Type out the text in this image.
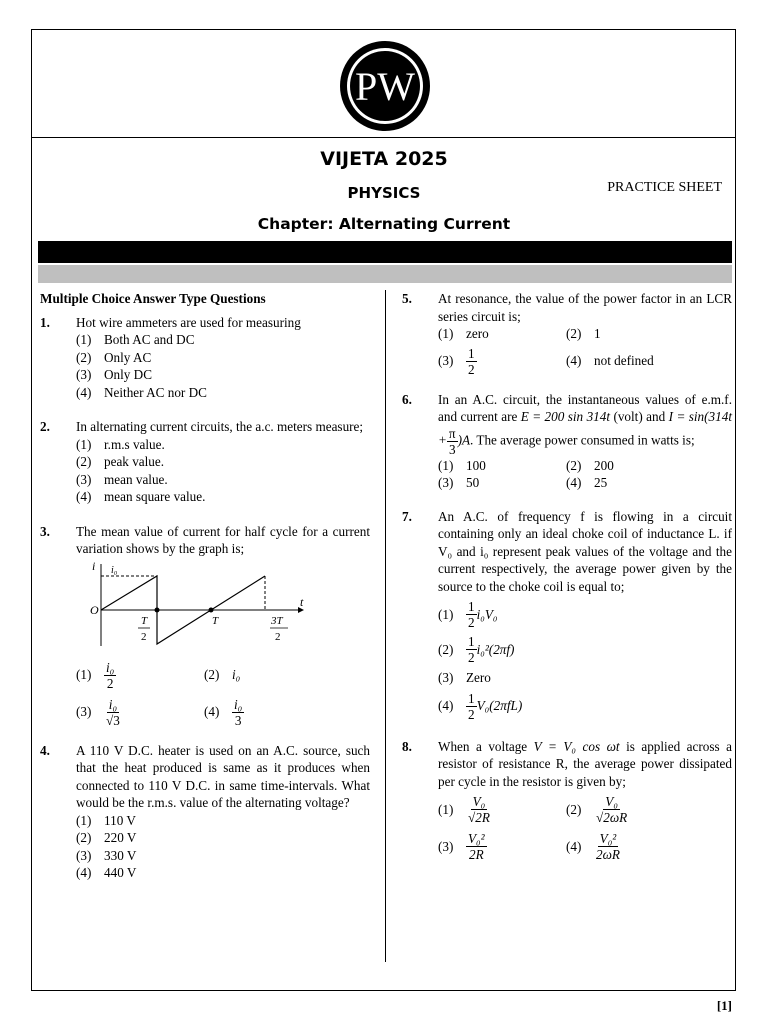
PW
VIJETA 2025
PHYSICS
Chapter: Alternating Current
PRACTICE SHEET
Multiple Choice Answer Type Questions
1.	Hot wire ammeters are used for measuring
(1) Both AC and DC
(2) Only AC
(3) Only DC
(4) Neither AC nor DC
2.	In alternating current circuits, the a.c. meters measure;
(1) r.m.s value.
(2) peak value.
(3) mean value.
(4) mean square value.
3.	The mean value of current for half cycle for a current variation shows by the graph is;
i i₀
O
t
T
2
T	3T
2
$(1) \frac{\text{i₀}}{2}$	(2) i₀
$(3) \frac{\text{i₀}}{√3}$	$(4) \frac{\text{i₀}}{3}$
4.	A 110 V D.C. heater is used on an A.C. source, such that the heat produced is same as it produces when connected to 110 V D.C. in same time-intervals. What would be the r.m.s. value of the alternating voltage?
(1) 110 V
(2) 220 V
(3) 330 V
(4) 440 V
5.	At resonance, the value of the power factor in an LCR series circuit is;
(1) zero	(2) 1
$(3) \frac{1}{2}$	(4) not defined
6.	In an A.C. circuit, the instantaneous values of e.m.f. and current are E = 200 sin 314t (volt) and $I = \sin(314t + \frac{\pi}{3} )A$. The average power consumed in watts is;
(1) 100	(2) 200
(3) 50	(4) 25
7.	An A.C. of frequency f is flowing in a circuit containing only an ideal choke coil of inductance L. if V₀ and i₀ represent peak values of the voltage and the current respectively, the average power given by the source to the choke coil is equal to;
$(1) \frac{1}{2} i_0V_0$
$(2) \frac{1}{2} i_0^2(2\pi f)$
(3) Zero
$(4) \frac{1}{2} V_0(2\pi fL)$
8.	When a voltage V = V₀ cos ωt is applied across a resistor of resistance R, the average power dissipated per cycle in the resistor is given by;
$(1) \frac{\text{V₀}}{√2R}$	$(2) \frac{\text{V₀}}{√2\omega R}$
$(3) \frac{\text{V₀²}}{2R}$	$(4) \frac{\text{V₀²}}{2\omega R}$
[1]
